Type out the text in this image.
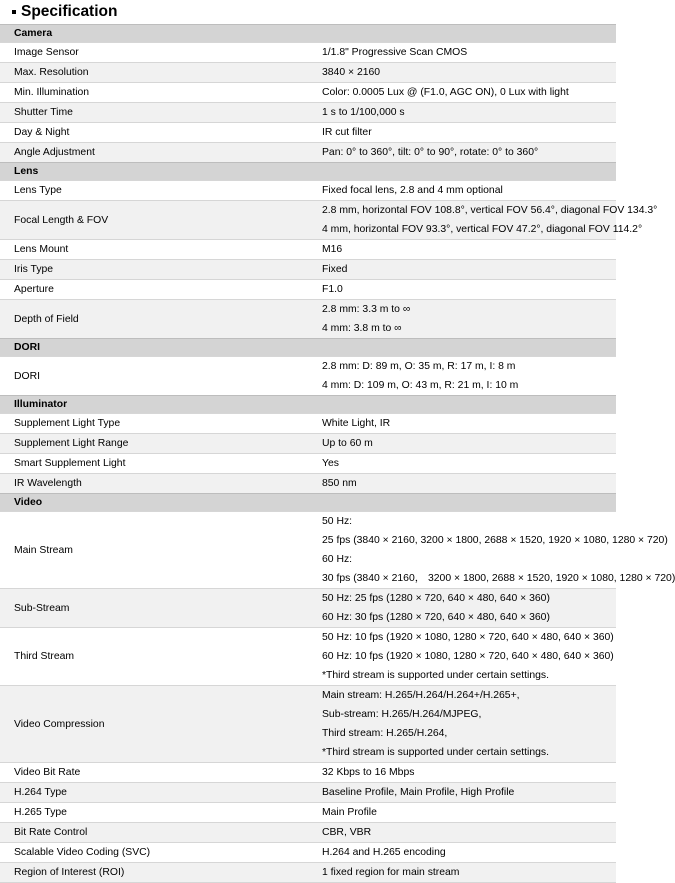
Specification
Camera	
Image Sensor	1/1.8" Progressive Scan CMOS

Max. Resolution	3840 × 2160

Min. Illumination	Color: 0.0005 Lux @ (F1.0, AGC ON), 0 Lux with light

Shutter Time	1 s to 1/100,000 s

Day & Night	IR cut filter

Angle Adjustment	Pan: 0° to 360°, tilt: 0° to 90°, rotate: 0° to 360°

Lens	
Lens Type	Fixed focal lens, 2.8 and 4 mm optional

Focal Length & FOV	2.8 mm, horizontal FOV 108.8°, vertical FOV 56.4°, diagonal FOV 134.3°
4 mm, horizontal FOV 93.3°, vertical FOV 47.2°, diagonal FOV 114.2°

Lens Mount	M16

Iris Type	Fixed

Aperture	F1.0

Depth of Field	2.8 mm: 3.3 m to ∞
4 mm: 3.8 m to ∞

DORI	
DORI	2.8 mm: D: 89 m, O: 35 m, R: 17 m, I: 8 m
4 mm: D: 109 m, O: 43 m, R: 21 m, I: 10 m

Illuminator	
Supplement Light Type	White Light, IR

Supplement Light Range	Up to 60 m

Smart Supplement Light	Yes

IR Wavelength	850 nm

Video	
Main Stream	50 Hz:
25 fps (3840 × 2160, 3200 × 1800, 2688 × 1520, 1920 × 1080, 1280 × 720)
60 Hz:
30 fps (3840 × 2160， 3200 × 1800, 2688 × 1520, 1920 × 1080, 1280 × 720)

Sub-Stream	50 Hz: 25 fps (1280 × 720, 640 × 480, 640 × 360)
60 Hz: 30 fps (1280 × 720, 640 × 480, 640 × 360)

Third Stream	50 Hz: 10 fps (1920 × 1080, 1280 × 720, 640 × 480, 640 × 360)
60 Hz: 10 fps (1920 × 1080, 1280 × 720, 640 × 480, 640 × 360)
*Third stream is supported under certain settings.

Video Compression	Main stream: H.265/H.264/H.264+/H.265+,
Sub-stream: H.265/H.264/MJPEG,
Third stream: H.265/H.264,
*Third stream is supported under certain settings.

Video Bit Rate	32 Kbps to 16 Mbps

H.264 Type	Baseline Profile, Main Profile, High Profile

H.265 Type	Main Profile

Bit Rate Control	CBR, VBR

Scalable Video Coding (SVC)	H.264 and H.265 encoding

Region of Interest (ROI)	1 fixed region for main stream
